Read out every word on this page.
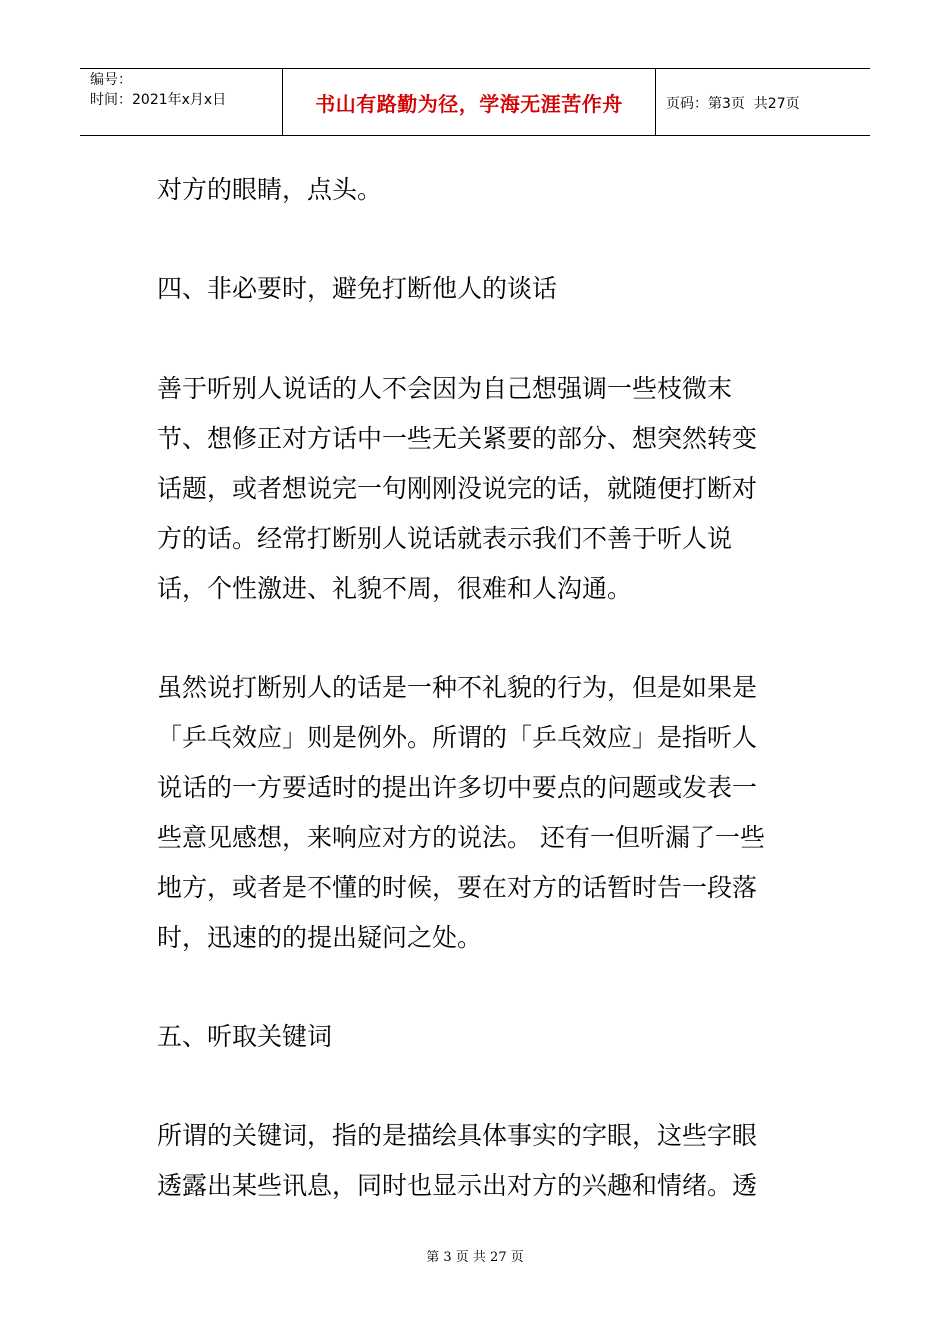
编号：
时间：2021年x月x日	书山有路勤为径，学海无涯苦作舟	页码：第3页  共27页
对方的眼睛，点头。
四、非必要时，避免打断他人的谈话
善于听别人说话的人不会因为自己想强调一些枝微末
节、想修正对方话中一些无关紧要的部分、想突然转变
话题，或者想说完一句刚刚没说完的话，就随便打断对
方的话。经常打断别人说话就表示我们不善于听人说
话，个性激进、礼貌不周，很难和人沟通。
虽然说打断别人的话是一种不礼貌的行为，但是如果是
「乒乓效应」则是例外。所谓的「乒乓效应」是指听人
说话的一方要适时的提出许多切中要点的问题或发表一
些意见感想，来响应对方的说法。 还有一但听漏了一些
地方，或者是不懂的时候，要在对方的话暂时告一段落
时，迅速的的提出疑问之处。
五、听取关键词
所谓的关键词，指的是描绘具体事实的字眼，这些字眼
透露出某些讯息，同时也显示出对方的兴趣和情绪。透
第 3 页 共 27 页
